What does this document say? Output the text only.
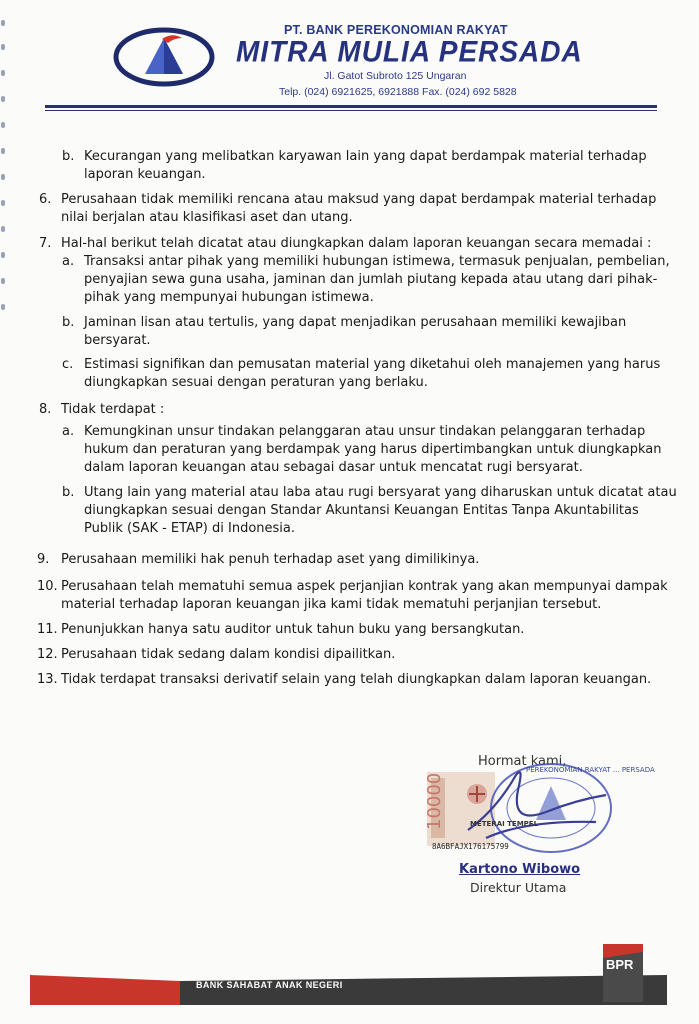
PT. BANK PEREKONOMIAN RAKYAT
MITRA MULIA PERSADA
Jl. Gatot Subroto 125 Ungaran
Telp. (024) 6921625, 6921888 Fax. (024) 692 5828
b. Kecurangan yang melibatkan karyawan lain yang dapat berdampak material terhadap
laporan keuangan.
6. Perusahaan tidak memiliki rencana atau maksud yang dapat berdampak material terhadap
nilai berjalan atau klasifikasi aset dan utang.
7. Hal-hal berikut telah dicatat atau diungkapkan dalam laporan keuangan secara memadai :
a. Transaksi antar pihak yang memiliki hubungan istimewa, termasuk penjualan, pembelian,
penyajian sewa guna usaha, jaminan dan jumlah piutang kepada atau utang dari pihak-
pihak yang mempunyai hubungan istimewa.
b. Jaminan lisan atau tertulis, yang dapat menjadikan perusahaan memiliki kewajiban
bersyarat.
c. Estimasi signifikan dan pemusatan material yang diketahui oleh manajemen yang harus
diungkapkan sesuai dengan peraturan yang berlaku.
8. Tidak terdapat :
a. Kemungkinan unsur tindakan pelanggaran atau unsur tindakan pelanggaran terhadap
hukum dan peraturan yang berdampak yang harus dipertimbangkan untuk diungkapkan
dalam laporan keuangan atau sebagai dasar untuk mencatat rugi bersyarat.
b. Utang lain yang material atau laba atau rugi bersyarat yang diharuskan untuk dicatat atau
diungkapkan sesuai dengan Standar Akuntansi Keuangan Entitas Tanpa Akuntabilitas
Publik (SAK - ETAP) di Indonesia.
9. Perusahaan memiliki hak penuh terhadap aset yang dimilikinya.
10. Perusahaan telah mematuhi semua aspek perjanjian kontrak yang akan mempunyai dampak
material terhadap laporan keuangan jika kami tidak mematuhi perjanjian tersebut.
11. Penunjukkan hanya satu auditor untuk tahun buku yang bersangkutan.
12. Perusahaan tidak sedang dalam kondisi dipailitkan.
13. Tidak terdapat transaksi derivatif selain yang telah diungkapkan dalam laporan keuangan.
Hormat kami,
10000
PEREKONOMIAN RAKYAT ... PERSADA
METERAI TEMPEL
8A6BFAJX176175799
Kartono Wibowo
Direktur Utama
BANK SAHABAT ANAK NEGERI
BPR
